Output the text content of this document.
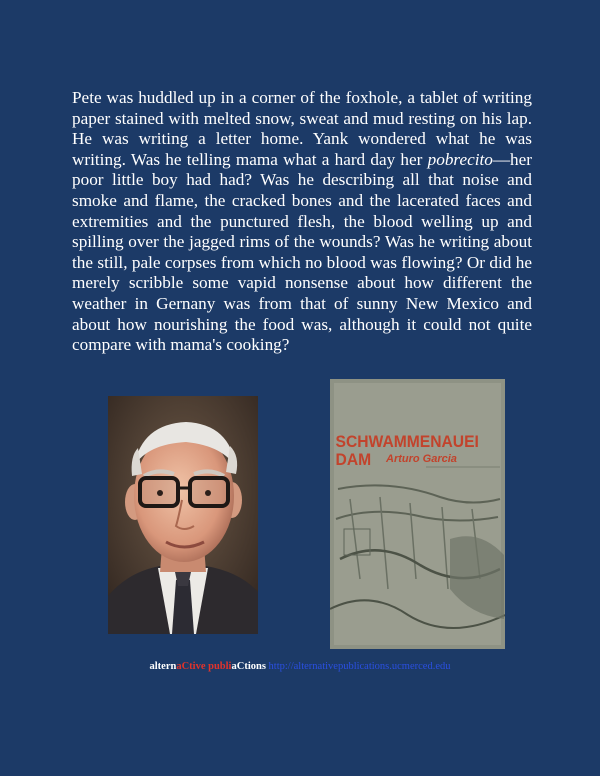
Pete was huddled up in a corner of the foxhole, a tablet of writing paper stained with melted snow, sweat and mud resting on his lap. He was writing a letter home. Yank wondered what he was writing. Was he telling mama what a hard day her pobrecito—her poor little boy had had? Was he describing all that noise and smoke and flame, the cracked bones and the lacerated faces and extremities and the punctured flesh, the blood welling up and spilling over the jagged rims of the wounds? Was he writing about the still, pale corpses from which no blood was flowing? Or did he merely scribble some vapid nonsense about how different the weather in Gernany was from that of sunny New Mexico and about how nourishing the food was, although it could not quite compare with mama's cooking?

SCHWAMMENAUEI
DAM	Arturo Garcia
alternaCtive publiaCtions http://alternativepublications.ucmerced.edu
